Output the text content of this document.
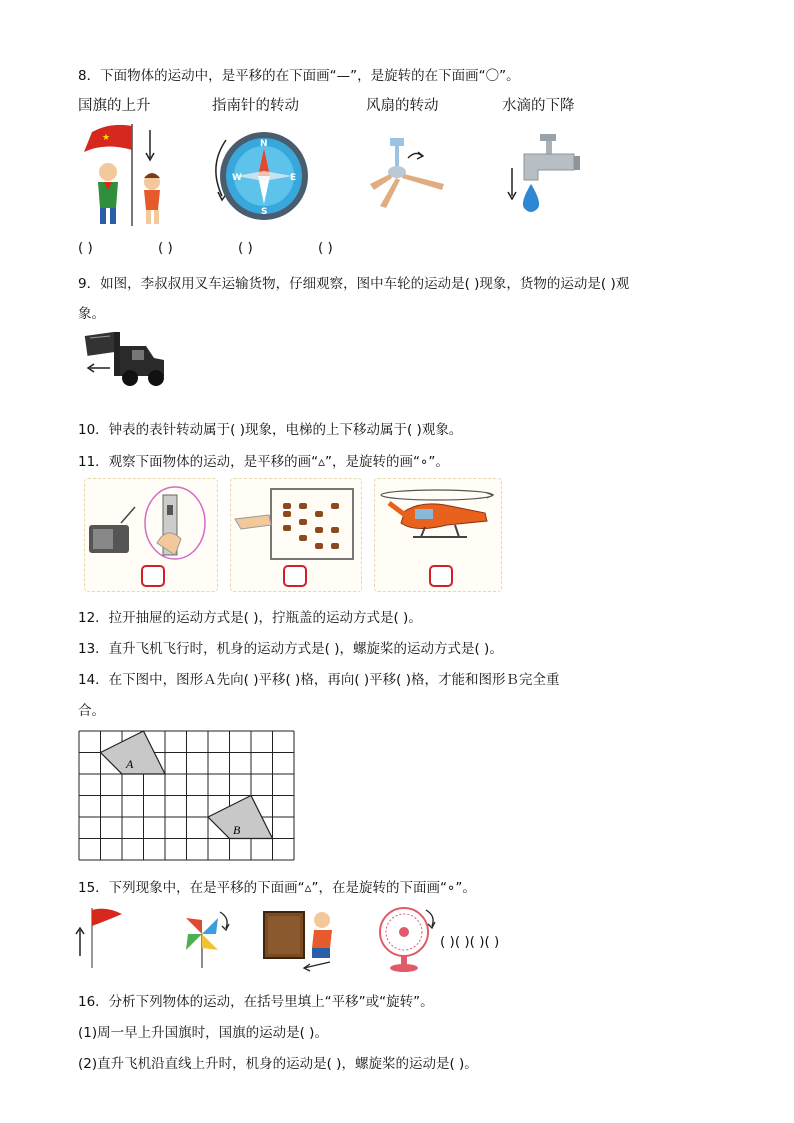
8．下面物体的运动中，是平移的在下面画“—”，是旋转的在下面画“〇”。
国旗的上升	指南针的转动	风扇的转动	水滴的下降
★
N
E
S
W
( )	( )	( )	( )
9．如图，李叔叔用叉车运输货物，仔细观察，图中车轮的运动是( )现象，货物的运动是( )观
象。
10．钟表的表针转动属于( )现象，电梯的上下移动属于( )观象。
11．观察下面物体的运动，是平移的画“▵”，是旋转的画“∘”。
12．拉开抽屉的运动方式是( )，拧瓶盖的运动方式是( )。
13．直升飞机飞行时，机身的运动方式是( )，螺旋桨的运动方式是( )。
14．在下图中，图形Ａ先向( )平移( )格，再向( )平移( )格，才能和图形Ｂ完全重
合。
A
B
15．下列现象中，在是平移的下面画“▵”，在是旋转的下面画“∘”。
( )( )( )( )
16．分析下列物体的运动，在括号里填上“平移”或“旋转”。
(1)周一早上升国旗时，国旗的运动是( )。
(2)直升飞机沿直线上升时，机身的运动是( )，螺旋桨的运动是( )。
